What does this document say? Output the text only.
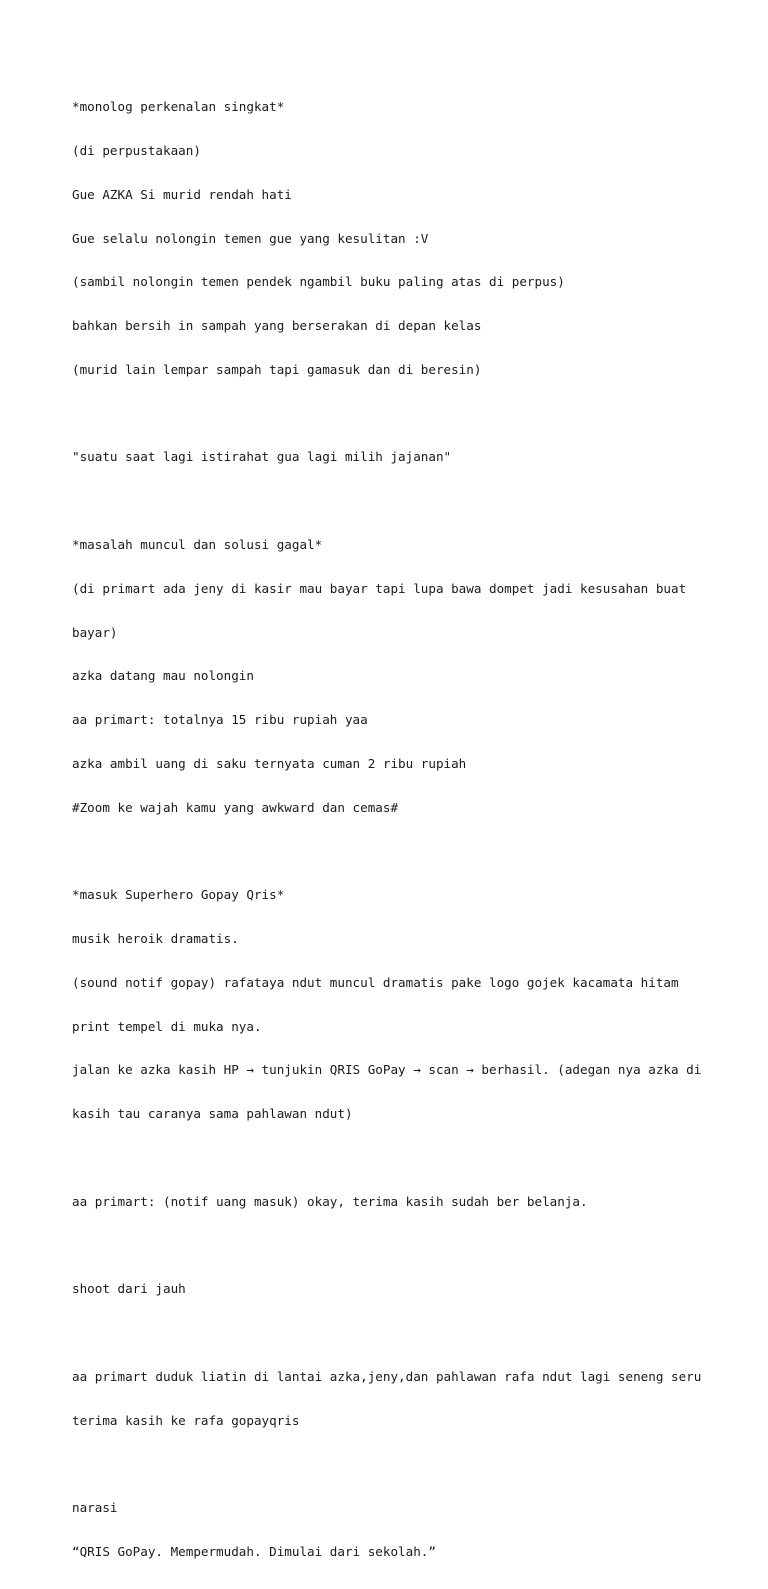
*monolog perkenalan singkat*

(di perpustakaan)

Gue AZKA Si murid rendah hati

Gue selalu nolongin temen gue yang kesulitan :V

(sambil nolongin temen pendek ngambil buku paling atas di perpus)

bahkan bersih in sampah yang berserakan di depan kelas

(murid lain lempar sampah tapi gamasuk dan di beresin)

"suatu saat lagi istirahat gua lagi milih jajanan"

*masalah muncul dan solusi gagal*

(di primart ada jeny di kasir mau bayar tapi lupa bawa dompet jadi kesusahan buat

bayar)

azka datang mau nolongin

aa primart: totalnya 15 ribu rupiah yaa

azka ambil uang di saku ternyata cuman 2 ribu rupiah

#Zoom ke wajah kamu yang awkward dan cemas#

*masuk Superhero Gopay Qris*

musik heroik dramatis.

(sound notif gopay) rafataya ndut muncul dramatis pake logo gojek kacamata hitam

print tempel di muka nya.

jalan ke azka kasih HP → tunjukin QRIS GoPay → scan → berhasil. (adegan nya azka di

kasih tau caranya sama pahlawan ndut)

aa primart: (notif uang masuk) okay, terima kasih sudah ber belanja.

shoot dari jauh

aa primart duduk liatin di lantai azka,jeny,dan pahlawan rafa ndut lagi seneng seru

terima kasih ke rafa gopayqris

narasi

“QRIS GoPay. Mempermudah. Dimulai dari sekolah.”
